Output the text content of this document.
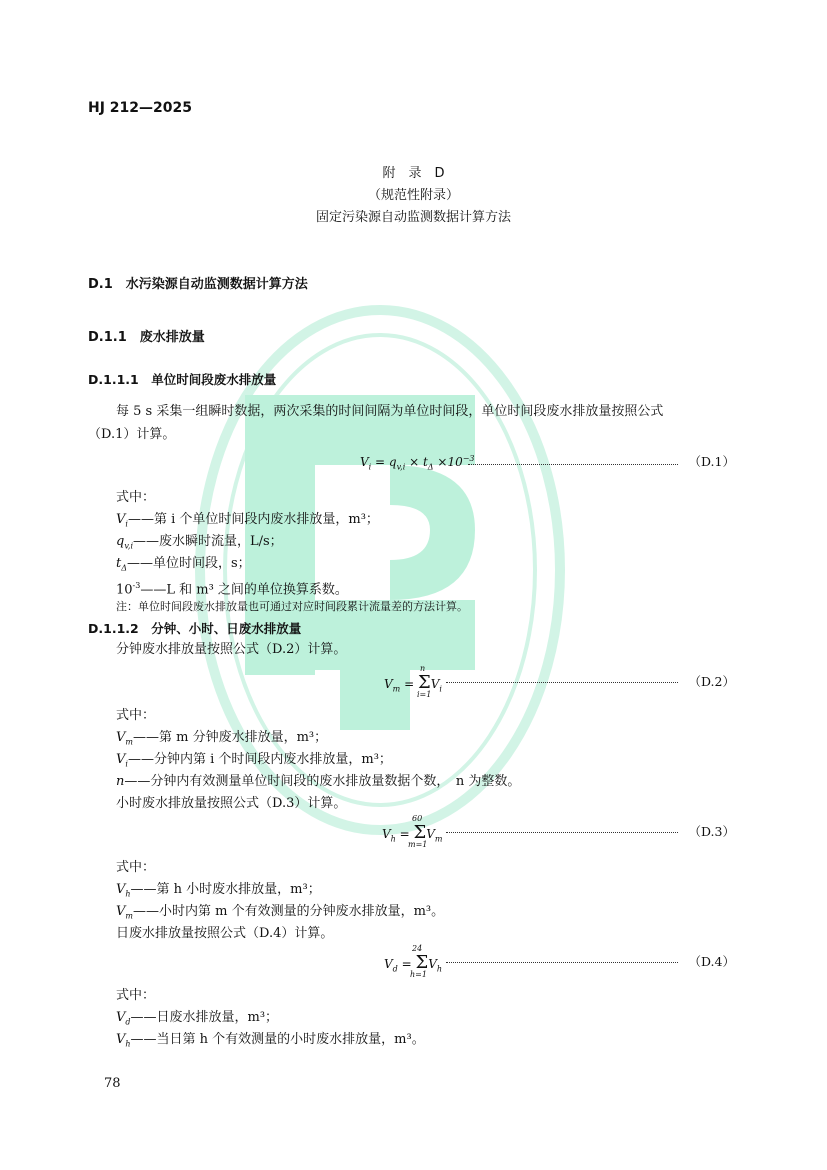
HJ 212—2025
附　录　D
（规范性附录）
固定污染源自动监测数据计算方法
D.1　水污染源自动监测数据计算方法
D.1.1　废水排放量
D.1.1.1　单位时间段废水排放量
每 5 s 采集一组瞬时数据，两次采集的时间间隔为单位时间段，单位时间段废水排放量按照公式
（D.1）计算。
$V_i = q_{v,i} \times t_\Delta \times 10^{-3}$	（D.1）
式中：
$V_i——$第 i 个单位时间段内废水排放量，m³；
$q_{v,i}——$废水瞬时流量，L/s；
$t_\Delta——$单位时间段，s；
$10^{-3}——L$ 和 m³ 之间的单位换算系数。
注：单位时间段废水排放量也可通过对应时间段累计流量差的方法计算。
D.1.1.2　分钟、小时、日废水排放量
分钟废水排放量按照公式（D.2）计算。
$V_m = \Sigma V_i$
n
i=1
（D.2）
式中：
$V_m——$第 m 分钟废水排放量，m³；
$V_i——$分钟内第 i 个时间段内废水排放量，m³；
n——分钟内有效测量单位时间段的废水排放量数据个数，　n 为整数。
小时废水排放量按照公式（D.3）计算。
$V_h = \Sigma V_m$
60
m=1
（D.3）
式中：
$V_h——$第 h 小时废水排放量，m³；
$V_m——$小时内第 m 个有效测量的分钟废水排放量，m³。
日废水排放量按照公式（D.4）计算。
$V_d = \Sigma V_h$
24
h=1
（D.4）
式中：
$V_d——$日废水排放量，m³；
$V_h——$当日第 h 个有效测量的小时废水排放量，m³。
78
